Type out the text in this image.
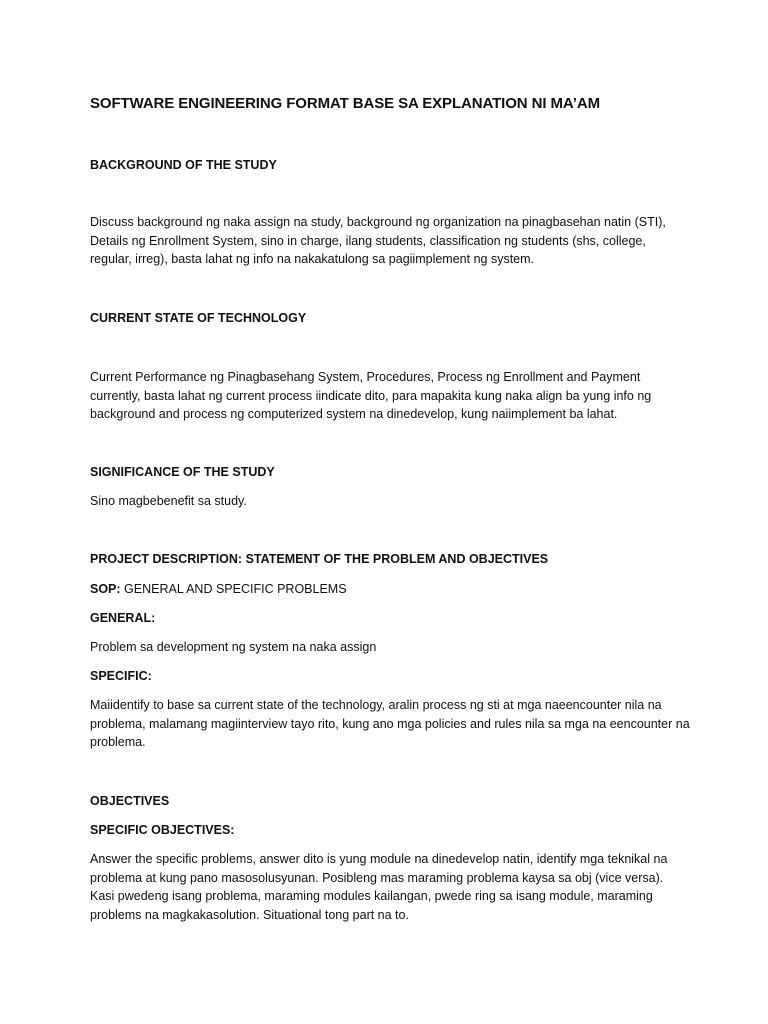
SOFTWARE ENGINEERING FORMAT BASE SA EXPLANATION NI MA’AM
BACKGROUND OF THE STUDY
Discuss background ng naka assign na study, background ng organization na pinagbasehan natin (STI), Details ng Enrollment System, sino in charge, ilang students, classification ng students (shs, college, regular, irreg), basta lahat ng info na nakakatulong sa pagiimplement ng system.
CURRENT STATE OF TECHNOLOGY
Current Performance ng Pinagbasehang System, Procedures, Process ng Enrollment and Payment currently, basta lahat ng current process iindicate dito, para mapakita kung naka align ba yung info ng background and process ng computerized system na dinedevelop, kung naiimplement ba lahat.
SIGNIFICANCE OF THE STUDY
Sino magbebenefit sa study.
PROJECT DESCRIPTION: STATEMENT OF THE PROBLEM AND OBJECTIVES
SOP: GENERAL AND SPECIFIC PROBLEMS
GENERAL:
Problem sa development ng system na naka assign
SPECIFIC:
Maiidentify to base sa current state of the technology, aralin process ng sti at mga naeencounter nila na problema, malamang magiinterview tayo rito, kung ano mga policies and rules nila sa mga na eencounter na problema.
OBJECTIVES
SPECIFIC OBJECTIVES:
Answer the specific problems, answer dito is yung module na dinedevelop natin, identify mga teknikal na problema at kung pano masosolusyunan. Posibleng mas maraming problema kaysa sa obj (vice versa). Kasi pwedeng isang problema, maraming modules kailangan, pwede ring sa isang module, maraming problems na magkakasolution. Situational tong part na to.
